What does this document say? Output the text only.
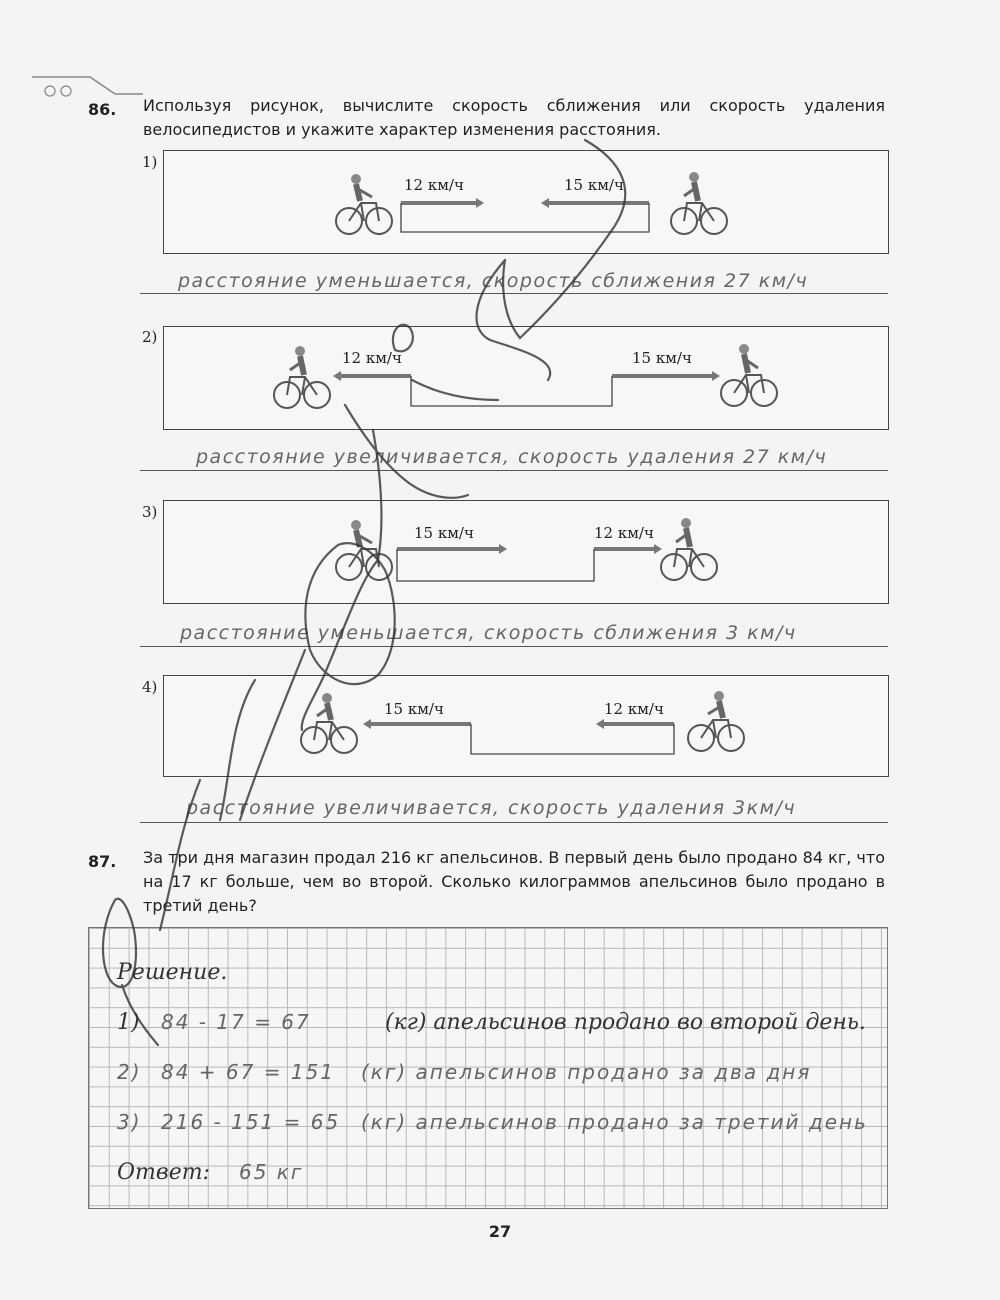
86. Используя рисунок, вычислите скорость сближения или скорость удаления велосипедистов и укажите характер изменения расстояния.
1)
12 км/ч	15 км/ч
расстояние уменьшается, скорость сближения 27 км/ч
2)
12 км/ч	15 км/ч
расстояние увеличивается, скорость удаления 27 км/ч
3)
15 км/ч	12 км/ч
расстояние уменьшается, скорость сближения 3 км/ч
4)
15 км/ч	12 км/ч
расстояние увеличивается, скорость удаления 3км/ч
87. За три дня магазин продал 216 кг апельсинов. В первый день было продано 84 кг, что на 17 кг больше, чем во второй. Сколько килограммов апельсинов было продано в третий день?
Решение.
1) 84 - 17 = 67	(кг) апельсинов продано во второй день.
2) 84 + 67 = 151 (кг) апельсинов продано за два дня
3) 216 - 151 = 65 (кг) апельсинов продано за третий день
Ответ: 65 кг
27
